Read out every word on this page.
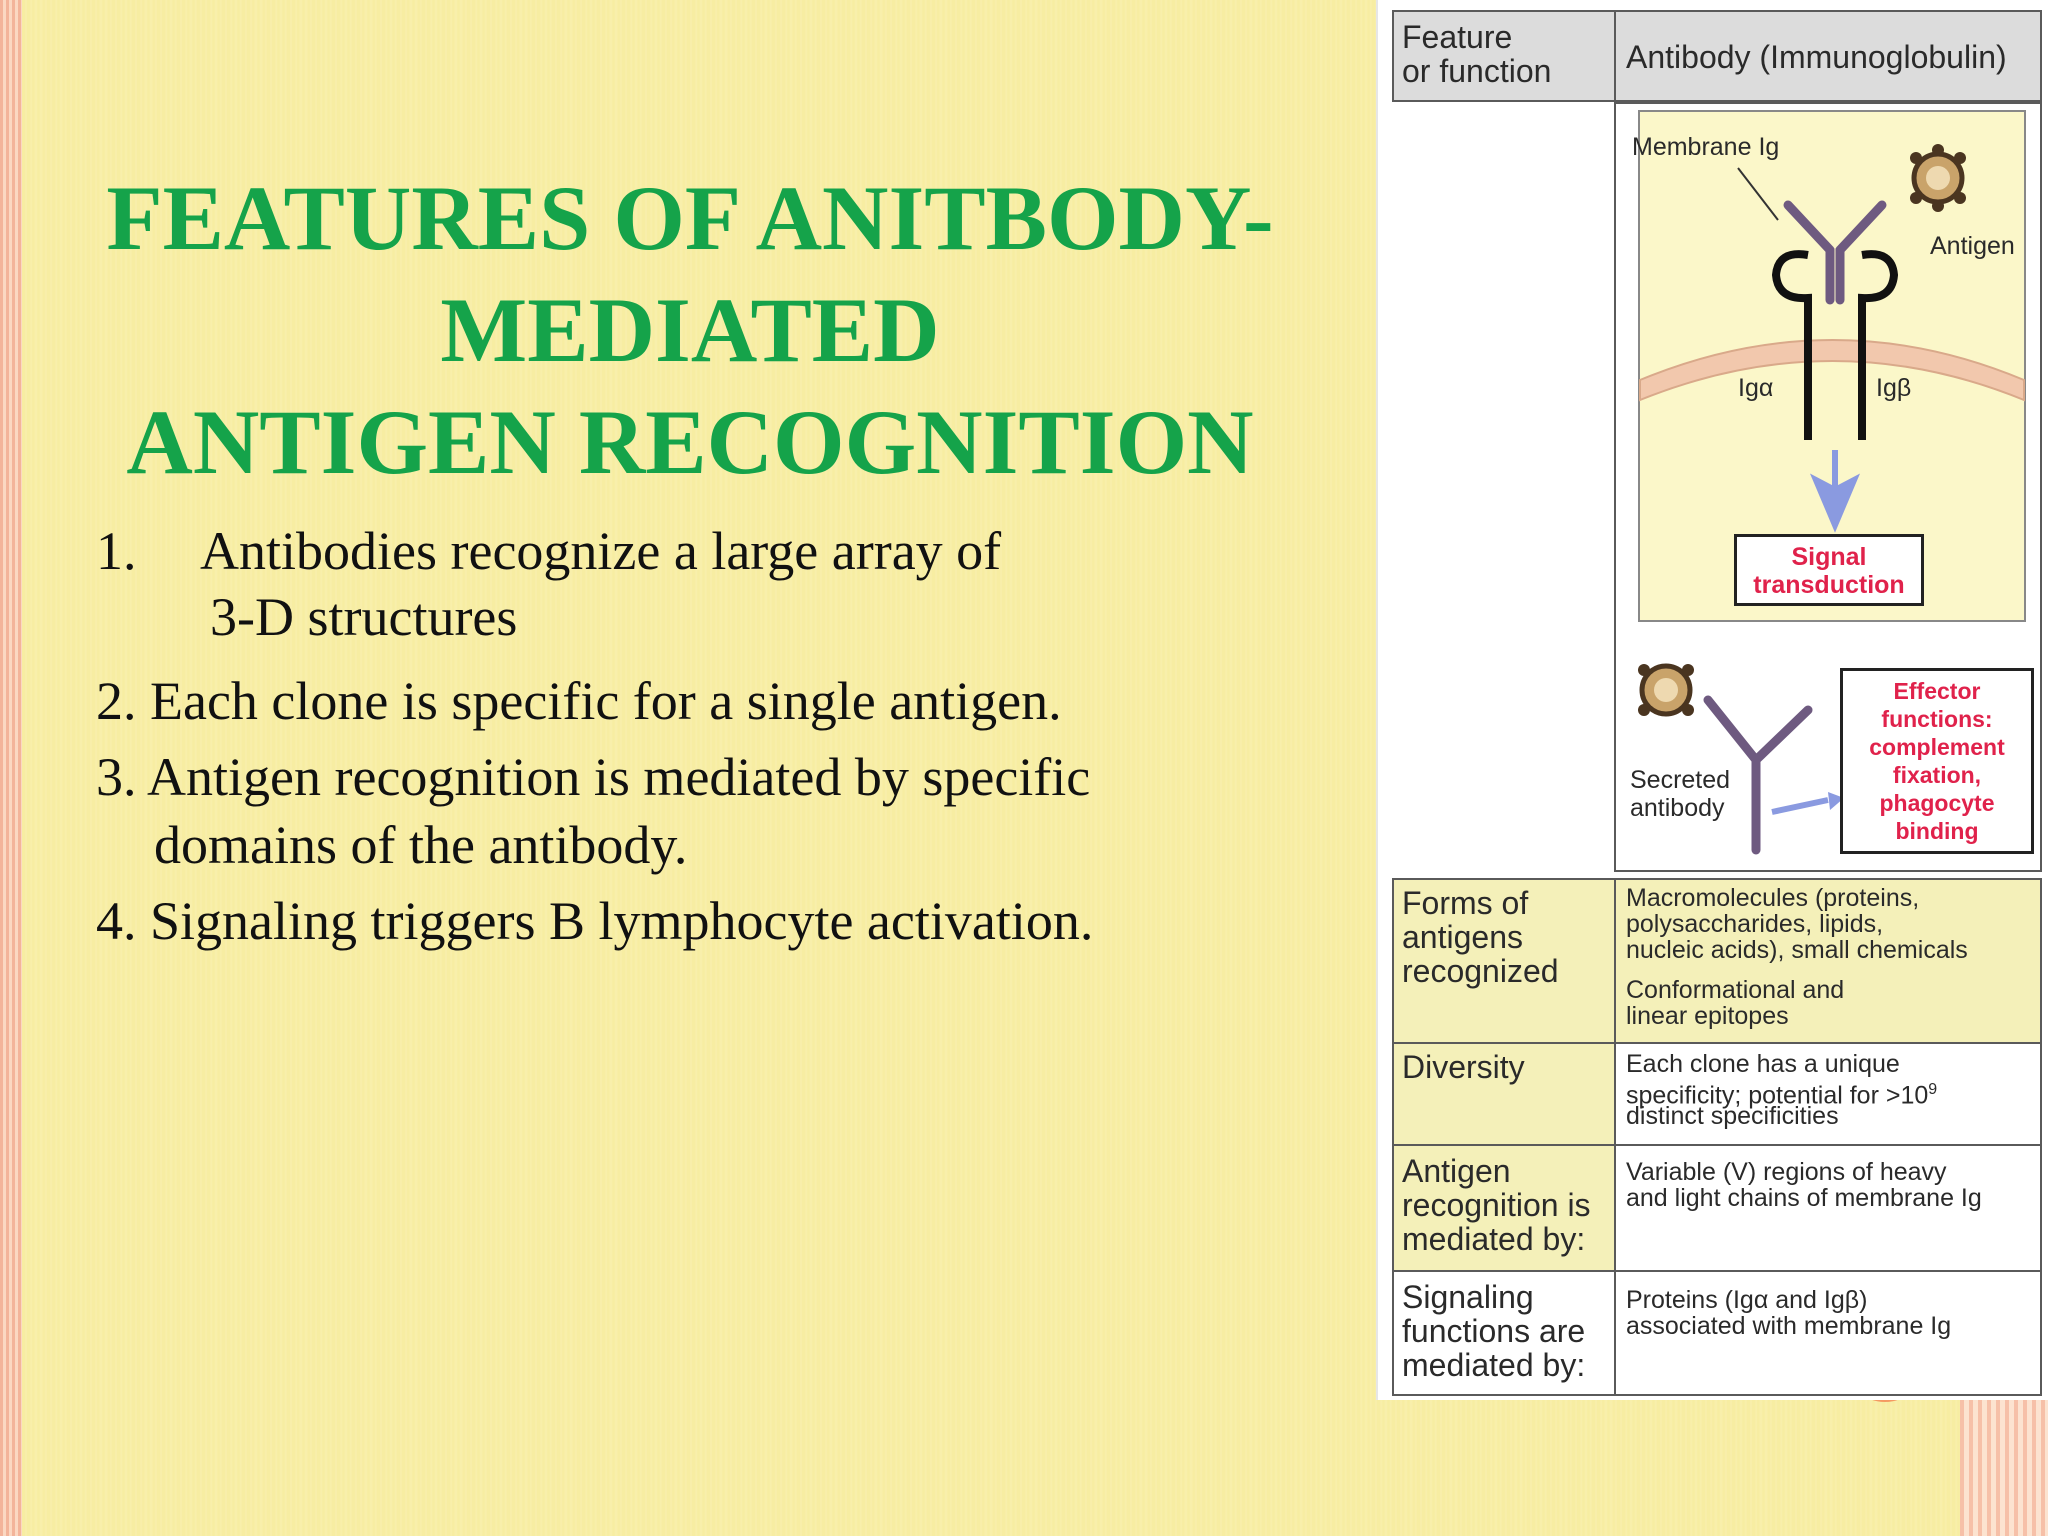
FEATURES OF ANITBODY-
MEDIATED
ANTIGEN RECOGNITION
1. Antibodies recognize a large array of
3-D structures
2. Each clone is specific for a single antigen.
3. Antigen recognition is mediated by specific
domains of the antibody.
4. Signaling triggers B lymphocyte activation.
Feature
or function Antibody (Immunoglobulin)
Membrane Ig
Antigen
Igα	Igβ
Signal
transduction
Secreted
antibody
Effector
functions:
complement
fixation,
phagocyte
binding
Forms of
antigens
recognized
Macromolecules (proteins,
polysaccharides, lipids,
nucleic acids), small chemicals
Conformational and
linear epitopes
Diversity	Each clone has a unique
specificity; potential for $>10^9$
distinct specificities
Antigen
recognition is
mediated by:
Variable (V) regions of heavy
and light chains of membrane Ig
Signaling
functions are
mediated by:
Proteins (Igα and Igβ)
associated with membrane Ig
